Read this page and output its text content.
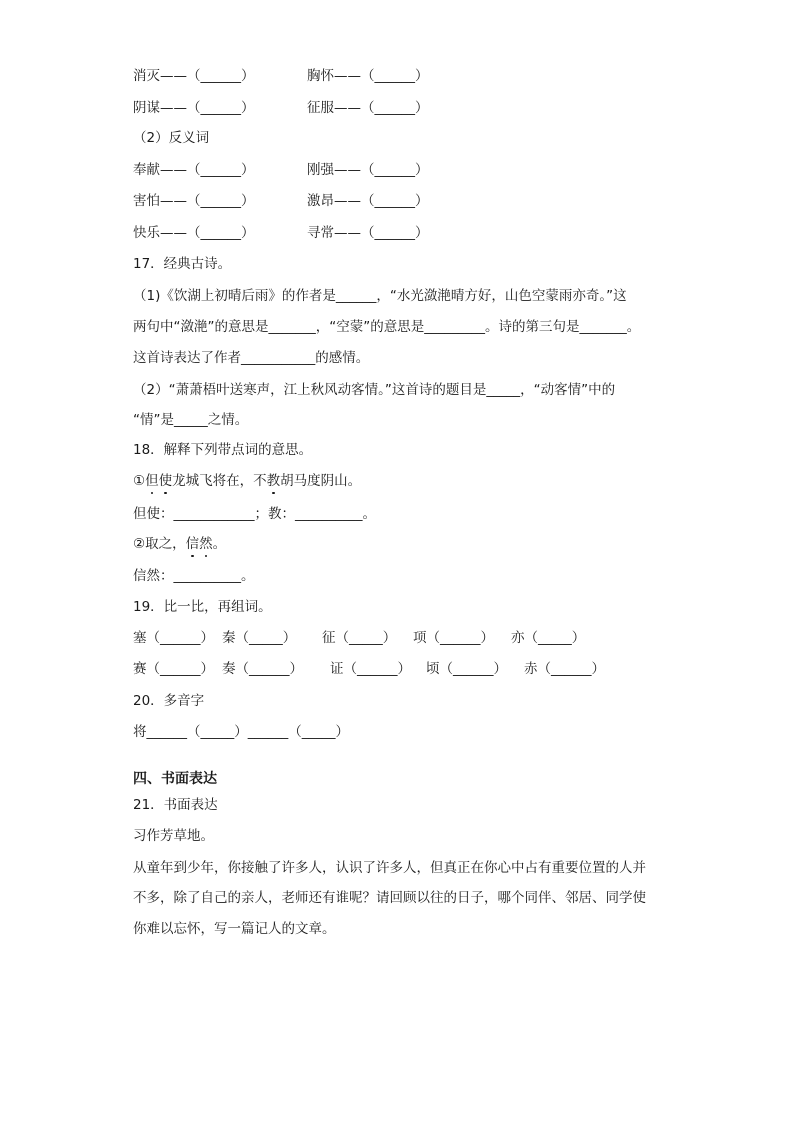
消灭——（______）	胸怀——（______）
阴谋——（______）	征服——（______）
（2）反义词
奉献——（______）	刚强——（______）
害怕——（______）	激昂——（______）
快乐——（______）	寻常——（______）
17．经典古诗。
（1)《饮湖上初晴后雨》的作者是______，“水光潋滟晴方好，山色空蒙雨亦奇。”这
两句中“潋滟”的意思是_______，“空蒙”的意思是_________。诗的第三句是_______。
这首诗表达了作者___________的感情。
（2）“萧萧梧叶送寒声，江上秋风动客情。”这首诗的题目是_____，“动客情”中的
“情”是_____之情。
18．解释下列带点词的意思。
①但使龙城飞将在，不教胡马度阴山。
但使：____________；教：__________。
②取之，信然。
信然：__________。
19．比一比，再组词。
塞（______） 秦（_____） 征（_____） 项（______） 亦（_____）
赛（______） 奏（______） 证（______） 顷（______） 赤（______）
20．多音字
将______（_____）______（_____）
四、书面表达
21．书面表达
习作芳草地。
从童年到少年，你接触了许多人，认识了许多人，但真正在你心中占有重要位置的人并
不多，除了自己的亲人，老师还有谁呢？请回顾以往的日子，哪个同伴、邻居、同学使
你难以忘怀，写一篇记人的文章。
